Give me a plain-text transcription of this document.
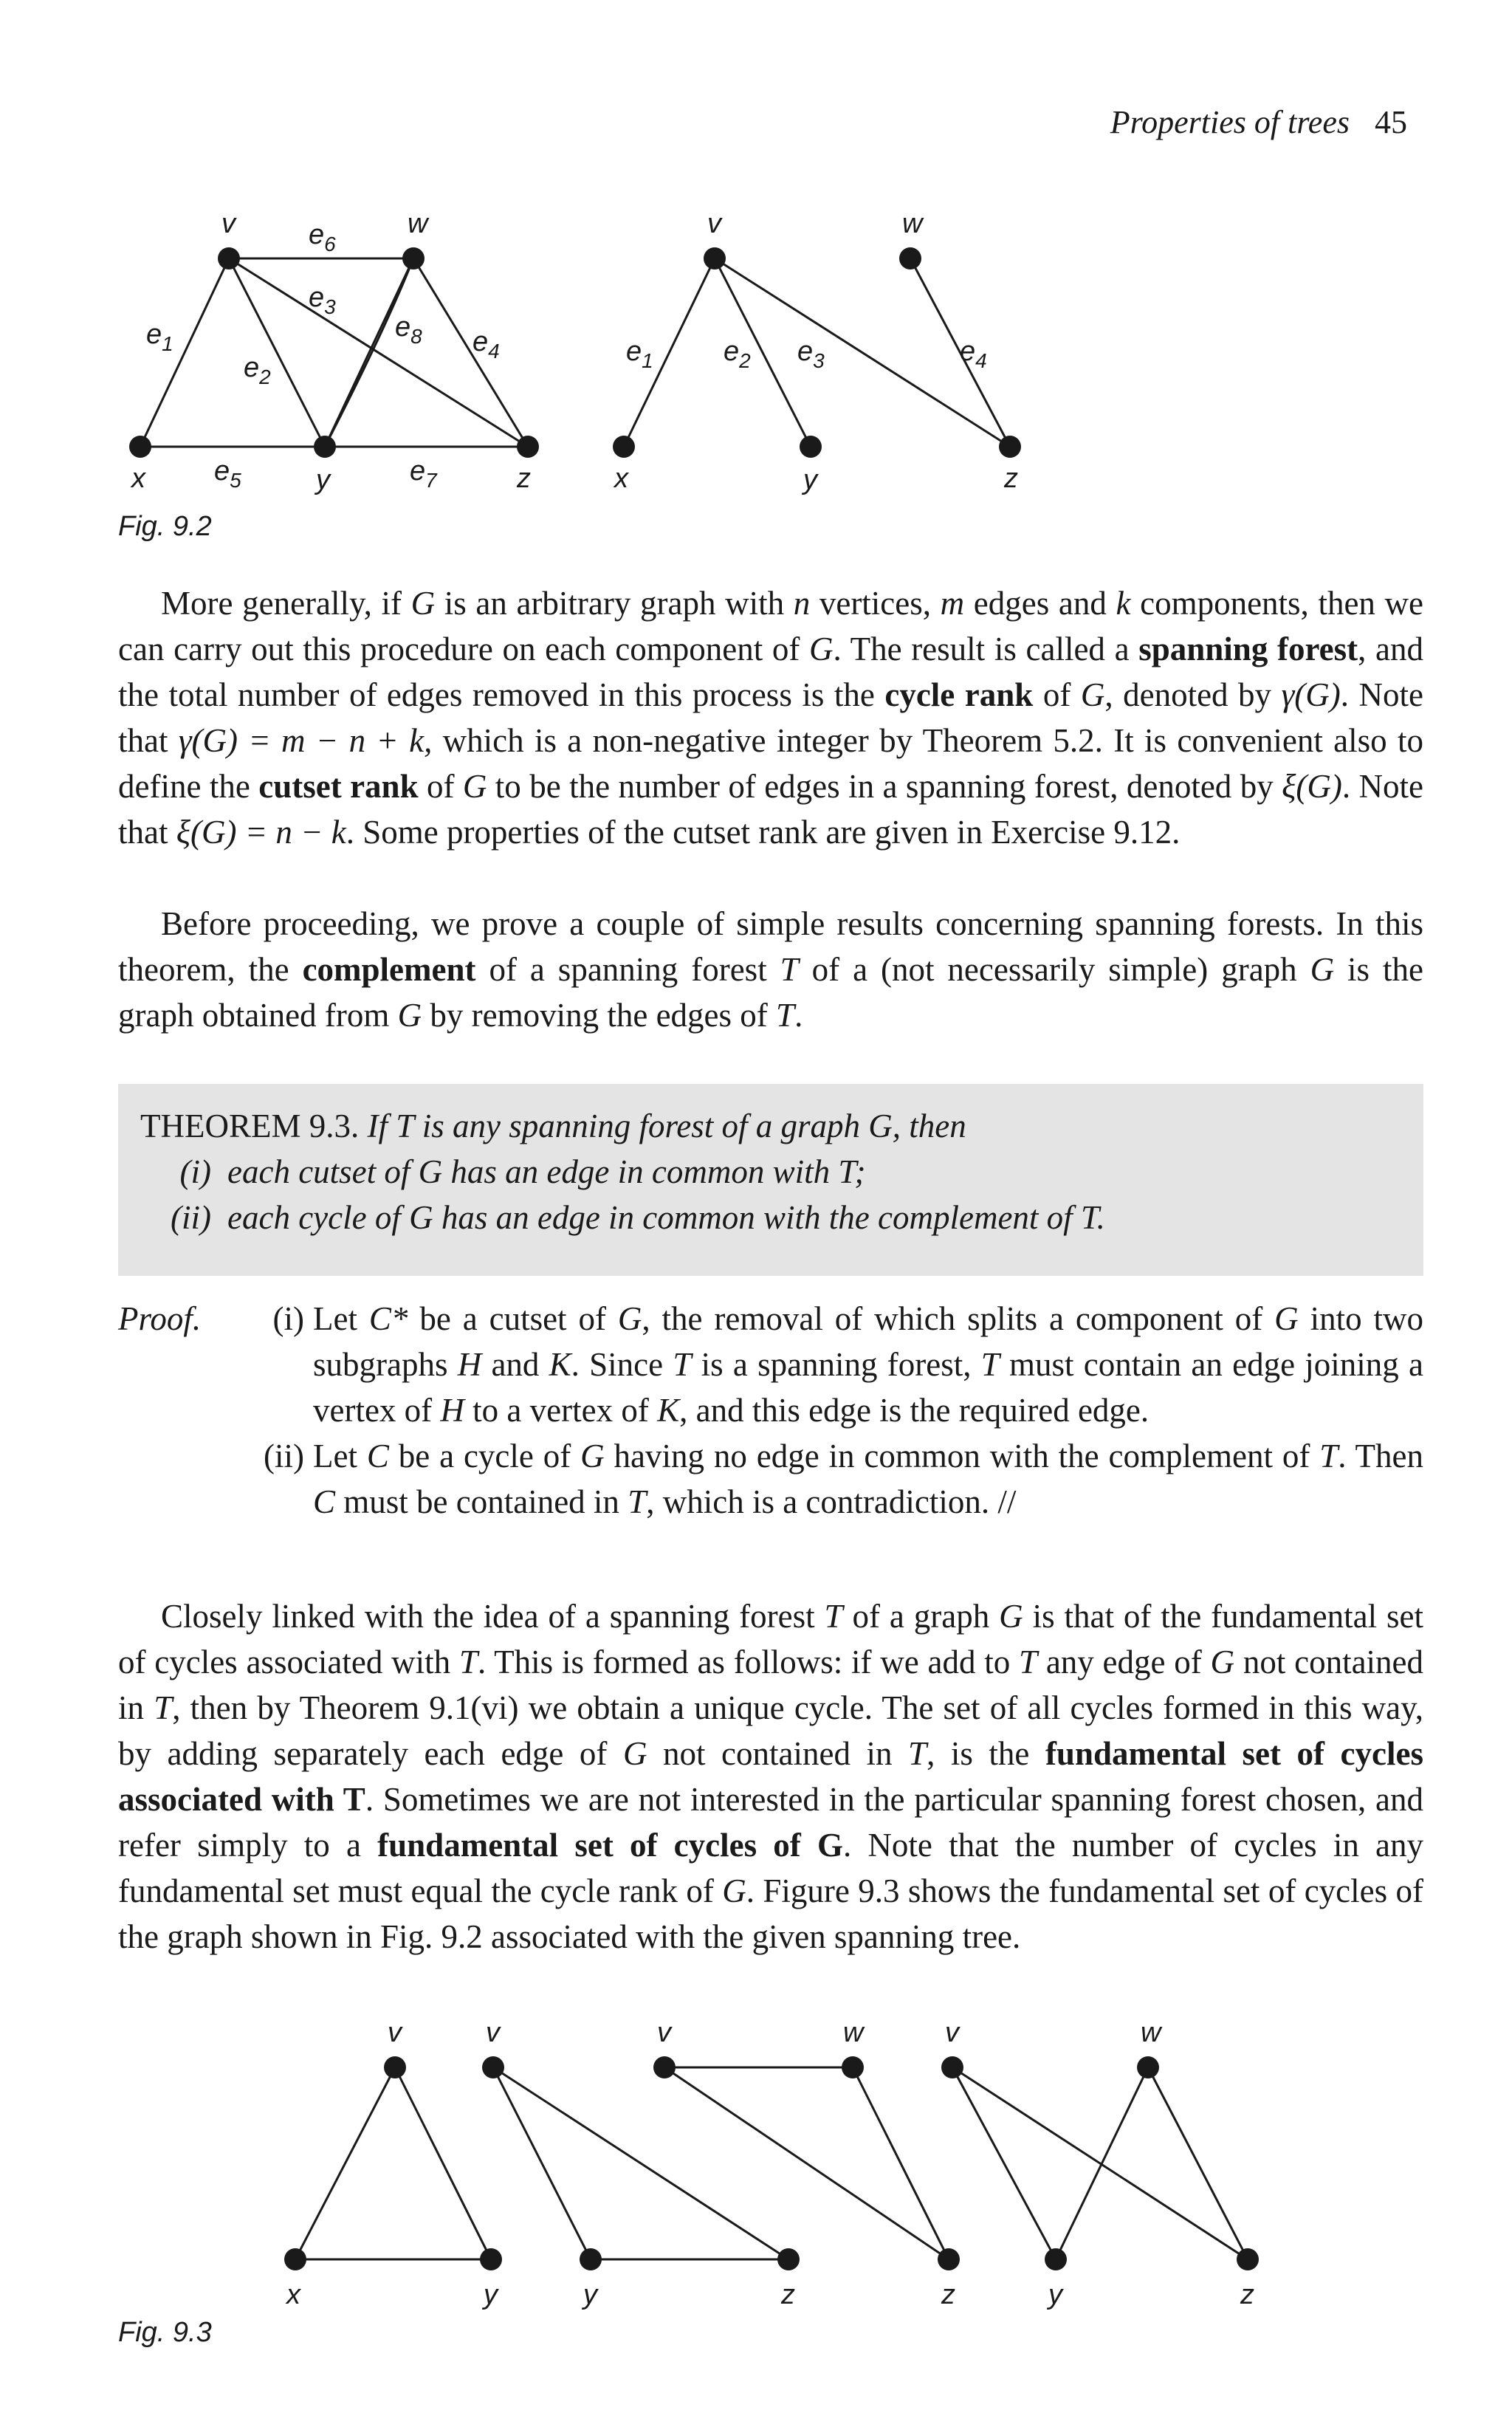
Properties of trees 45
v	w
x	y	z
$e_6$
$e_3$
$e_1$
$e_2$
$e_8$ $e_4$
$e_5$	$e_7$
v	w
x	y	z
$e_1$	$e_2$ $e_3$	$e_4$
Fig. 9.2

More generally, if G is an arbitrary graph with n vertices, m edges and k components, then we can carry out this procedure on each component of G. The result is called a spanning forest, and the total number of edges removed in this process is the cycle rank of G, denoted by γ(G). Note that γ(G) = m − n + k, which is a non-negative integer by Theorem 5.2. It is convenient also to define the cutset rank of G to be the number of edges in a spanning forest, denoted by ξ(G). Note that ξ(G) = n − k. Some properties of the cutset rank are given in Exercise 9.12.

Before proceeding, we prove a couple of simple results concerning spanning forests. In this theorem, the complement of a spanning forest T of a (not necessarily simple) graph G is the graph obtained from G by removing the edges of T.

THEOREM 9.3. If T is any spanning forest of a graph G, then
(i) each cutset of G has an edge in common with T;
(ii) each cycle of G has an edge in common with the complement of T.
Proof.	(i) Let C* be a cutset of G, the removal of which splits a component of G into two subgraphs H and K. Since T is a spanning forest, T must contain an edge joining a vertex of H to a vertex of K, and this edge is the required edge.
(ii) Let C be a cycle of G having no edge in common with the complement of T. Then C must be contained in T, which is a contradiction. //

Closely linked with the idea of a spanning forest T of a graph G is that of the fundamental set of cycles associated with T. This is formed as follows: if we add to T any edge of G not contained in T, then by Theorem 9.1(vi) we obtain a unique cycle. The set of all cycles formed in this way, by adding separately each edge of G not contained in T, is the fundamental set of cycles associated with T. Sometimes we are not interested in the particular spanning forest chosen, and refer simply to a fundamental set of cycles of G. Note that the number of cycles in any fundamental set must equal the cycle rank of G. Figure 9.3 shows the fundamental set of cycles of the graph shown in Fig. 9.2 associated with the given spanning tree.

v
x	y
v
y	z
v	w
z
v	w
y	z
Fig. 9.3
